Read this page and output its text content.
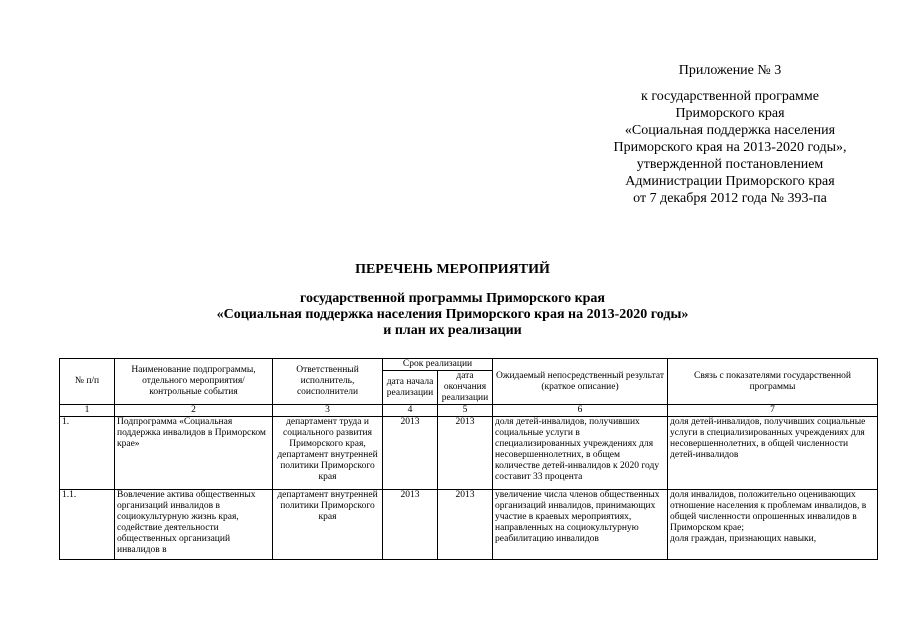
Приложение № 3
к государственной программе
Приморского края
«Социальная поддержка населения
Приморского края на 2013-2020 годы»,
утвержденной постановлением
Администрации Приморского края
от 7 декабря 2012 года № 393-па
ПЕРЕЧЕНЬ МЕРОПРИЯТИЙ
государственной программы Приморского края
«Социальная поддержка населения Приморского края на 2013-2020 годы»
и план их реализации
№ п/п	Наименование подпрограммы, отдельного мероприятия/ контрольные события	Ответственный исполнитель, соисполнители	Срок реализации		Ожидаемый непосредственный результат (краткое описание)	Связь с показателями государственной программы
			дата начала реализации	дата окончания реализации		
1	2	3	4	5	6	7
1.	Подпрограмма «Социальная поддержка инвалидов в Приморском крае»	департамент труда и социального развития Приморского края, департамент внутренней политики Приморского края	2013	2013	доля детей-инвалидов, получивших социальные услуги в специализированных учреждениях для несовершеннолетних, в общем количестве детей-инвалидов к 2020 году составит 33 процента	доля детей-инвалидов, получивших социальные услуги в специализированных учреждениях для несовершеннолетних, в общей численности детей-инвалидов
1.1.	Вовлечение актива общественных организаций инвалидов в социокультурную жизнь края, содействие деятельности общественных организаций инвалидов в	департамент внутренней политики Приморского края	2013	2013	увеличение числа членов общественных организаций инвалидов, принимающих участие в краевых мероприятиях, направленных на социокультурную реабилитацию инвалидов	доля инвалидов, положительно оценивающих отношение населения к проблемам инвалидов, в общей численности опрошенных инвалидов в Приморском крае;
доля граждан, признающих навыки,
